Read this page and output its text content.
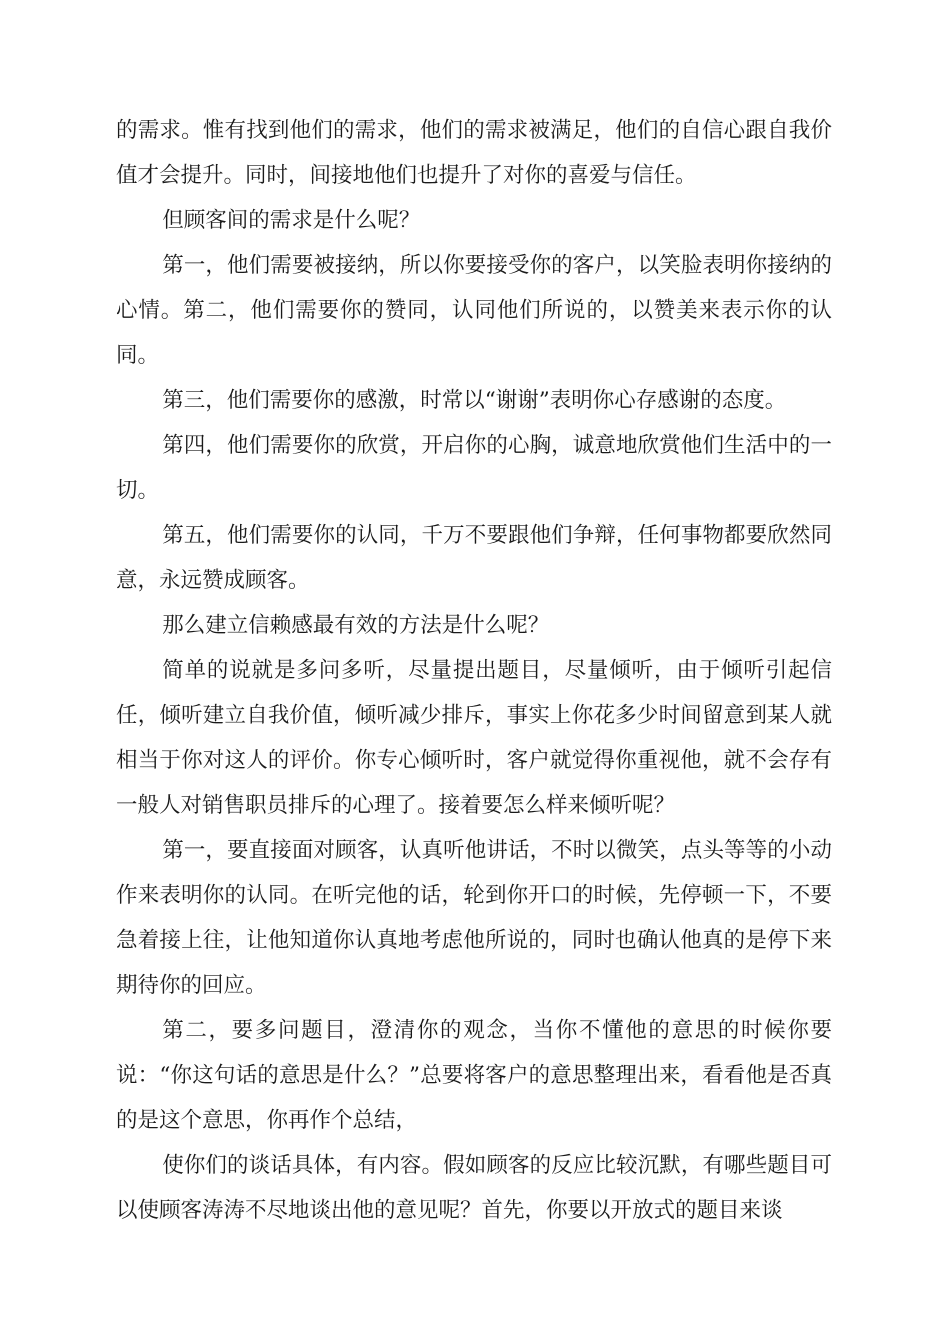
的需求。惟有找到他们的需求，他们的需求被满足，他们的自信心跟自我价值才会提升。同时，间接地他们也提升了对你的喜爱与信任。

但顾客间的需求是什么呢？

第一，他们需要被接纳，所以你要接受你的客户，以笑脸表明你接纳的心情。第二，他们需要你的赞同，认同他们所说的，以赞美来表示你的认同。

第三，他们需要你的感激，时常以“谢谢”表明你心存感谢的态度。

第四，他们需要你的欣赏，开启你的心胸，诚意地欣赏他们生活中的一切。

第五，他们需要你的认同，千万不要跟他们争辩，任何事物都要欣然同意，永远赞成顾客。

那么建立信赖感最有效的方法是什么呢？

简单的说就是多问多听，尽量提出题目，尽量倾听，由于倾听引起信任，倾听建立自我价值，倾听减少排斥，事实上你花多少时间留意到某人就相当于你对这人的评价。你专心倾听时，客户就觉得你重视他，就不会存有一般人对销售职员排斥的心理了。接着要怎么样来倾听呢？

第一，要直接面对顾客，认真听他讲话，不时以微笑，点头等等的小动作来表明你的认同。在听完他的话，轮到你开口的时候，先停顿一下，不要急着接上往，让他知道你认真地考虑他所说的，同时也确认他真的是停下来期待你的回应。

第二，要多问题目，澄清你的观念，当你不懂他的意思的时候你要说：“你这句话的意思是什么？”总要将客户的意思整理出来，看看他是否真的是这个意思，你再作个总结，

使你们的谈话具体，有内容。假如顾客的反应比较沉默，有哪些题目可以使顾客涛涛不尽地谈出他的意见呢？首先，你要以开放式的题目来谈
